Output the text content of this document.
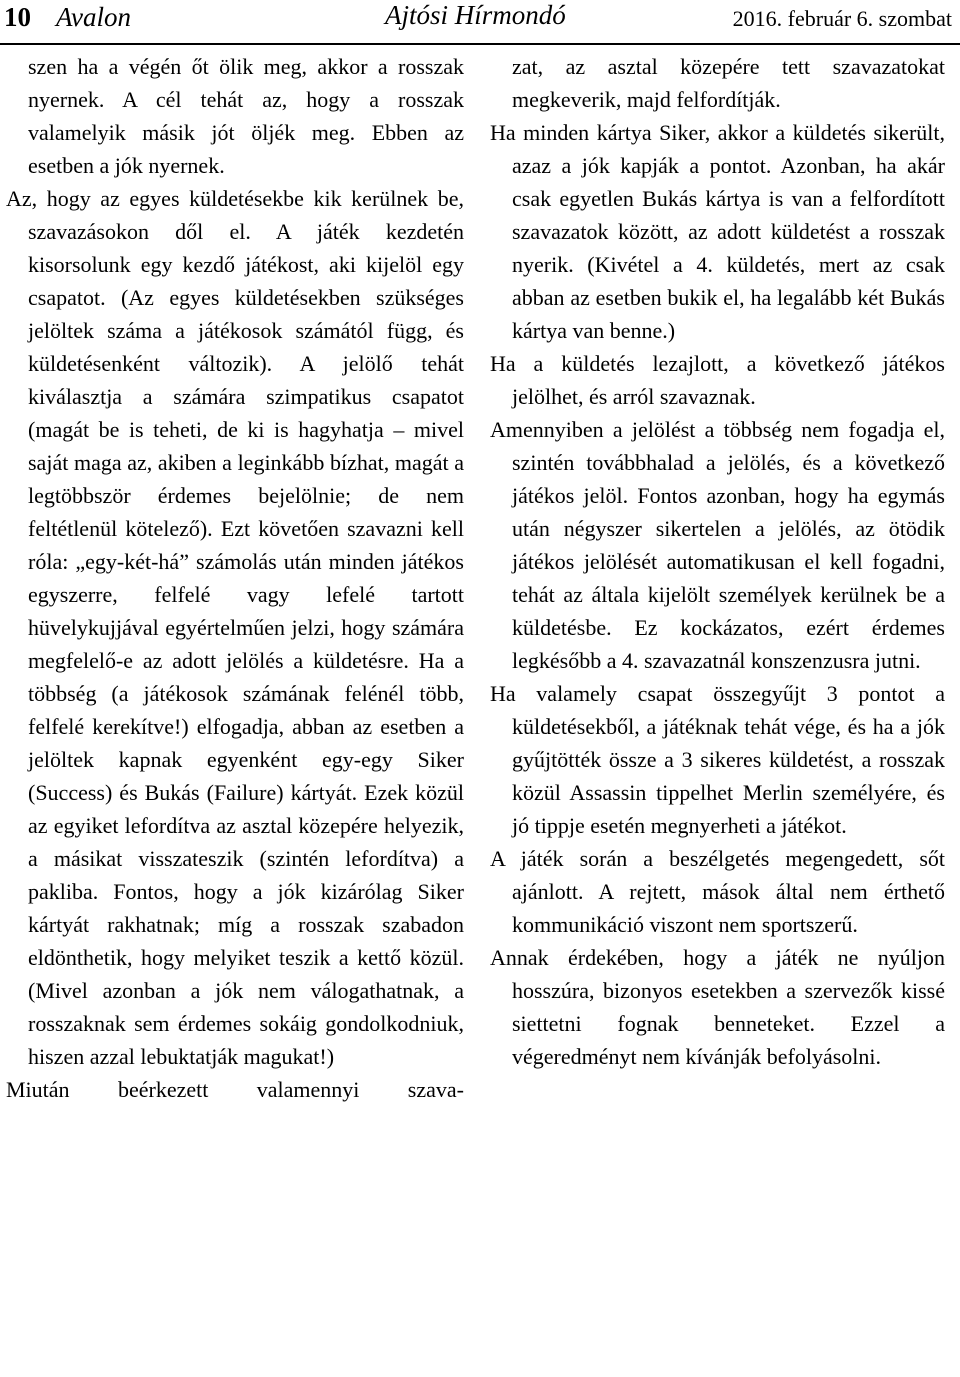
10 Avalon	Ajtósi Hírmondó	2016. február 6. szombat

szen ha a végén őt ölik meg, akkor a rosszak nyernek. A cél tehát az, hogy a rosszak valamelyik másik jót öljék meg. Ebben az esetben a jók nyernek.

Az, hogy az egyes küldetésekbe kik kerülnek be, szavazásokon dől el. A játék kezdetén kisorsolunk egy kezdő játékost, aki kijelöl egy csapatot. (Az egyes küldetésekben szükséges jelöltek száma a játékosok számától függ, és küldetésenként változik). A jelölő tehát kiválasztja a számára szimpatikus csapatot (magát be is teheti, de ki is hagyhatja – mivel saját maga az, akiben a leginkább bízhat, magát a legtöbbször érdemes bejelölnie; de nem feltétlenül kötelező). Ezt követően szavazni kell róla: „egy-két-há” számolás után minden játékos egyszerre, felfelé vagy lefelé tartott hüvelykujjával egyértelműen jelzi, hogy számára megfelelő-e az adott jelölés a küldetésre. Ha a többség (a játékosok számának felénél több, felfelé kerekítve!) elfogadja, abban az esetben a jelöltek kapnak egyenként egy-egy Siker (Success) és Bukás (Failure) kártyát. Ezek közül az egyiket lefordítva az asztal közepére helyezik, a másikat visszateszik (szintén lefordítva) a pakliba. Fontos, hogy a jók kizárólag Siker kártyát rakhatnak; míg a rosszak szabadon eldönthetik, hogy melyiket teszik a kettő közül. (Mivel azonban a jók nem válogathatnak, a rosszaknak sem érdemes sokáig gondolkodniuk, hiszen azzal lebuktatják magukat!)

Miután beérkezett valamennyi szava-

zat, az asztal közepére tett szavazatokat megkeverik, majd felfordítják.

Ha minden kártya Siker, akkor a küldetés sikerült, azaz a jók kapják a pontot. Azonban, ha akár csak egyetlen Bukás kártya is van a felfordított szavazatok között, az adott küldetést a rosszak nyerik. (Kivétel a 4. küldetés, mert az csak abban az esetben bukik el, ha legalább két Bukás kártya van benne.)

Ha a küldetés lezajlott, a következő játékos jelölhet, és arról szavaznak.

Amennyiben a jelölést a többség nem fogadja el, szintén továbbhalad a jelölés, és a következő játékos jelöl. Fontos azonban, hogy ha egymás után négyszer sikertelen a jelölés, az ötödik játékos jelölését automatikusan el kell fogadni, tehát az általa kijelölt személyek kerülnek be a küldetésbe. Ez kockázatos, ezért érdemes legkésőbb a 4. szavazatnál konszenzusra jutni.

Ha valamely csapat összegyűjt 3 pontot a küldetésekből, a játéknak tehát vége, és ha a jók gyűjtötték össze a 3 sikeres küldetést, a rosszak közül Assassin tippelhet Merlin személyére, és jó tippje esetén megnyerheti a játékot.

A játék során a beszélgetés megengedett, sőt ajánlott. A rejtett, mások által nem érthető kommunikáció viszont nem sportszerű.

Annak érdekében, hogy a játék ne nyúljon hosszúra, bizonyos esetekben a szervezők kissé siettetni fognak benneteket. Ezzel a végeredményt nem kívánják befolyásolni.
